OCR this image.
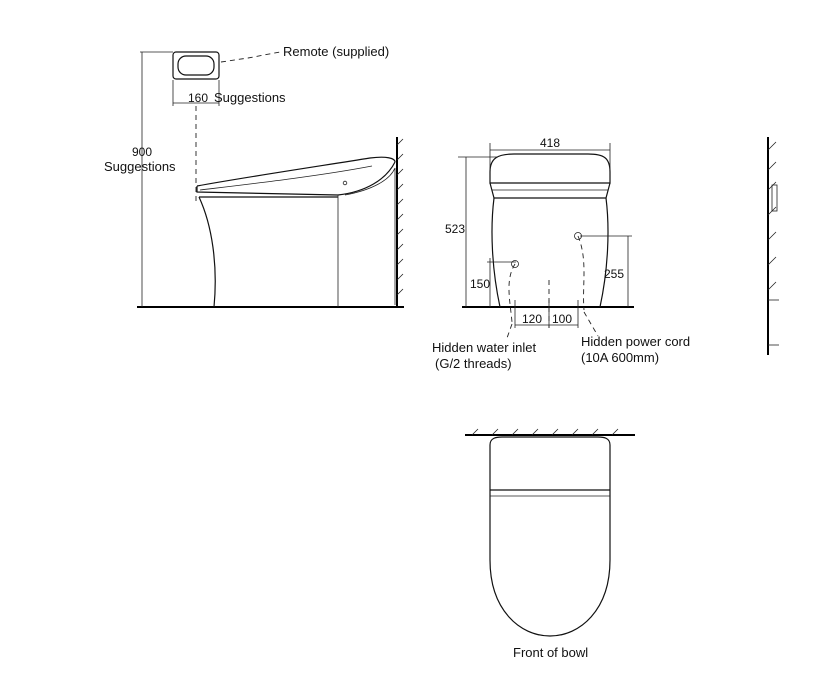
Remote (supplied)
160 Suggestions
900
Suggestions
418
523
150
255
120 100
Hidden water inlet
(G/2 threads)
Hidden power cord
(10A 600mm)
Front of bowl
